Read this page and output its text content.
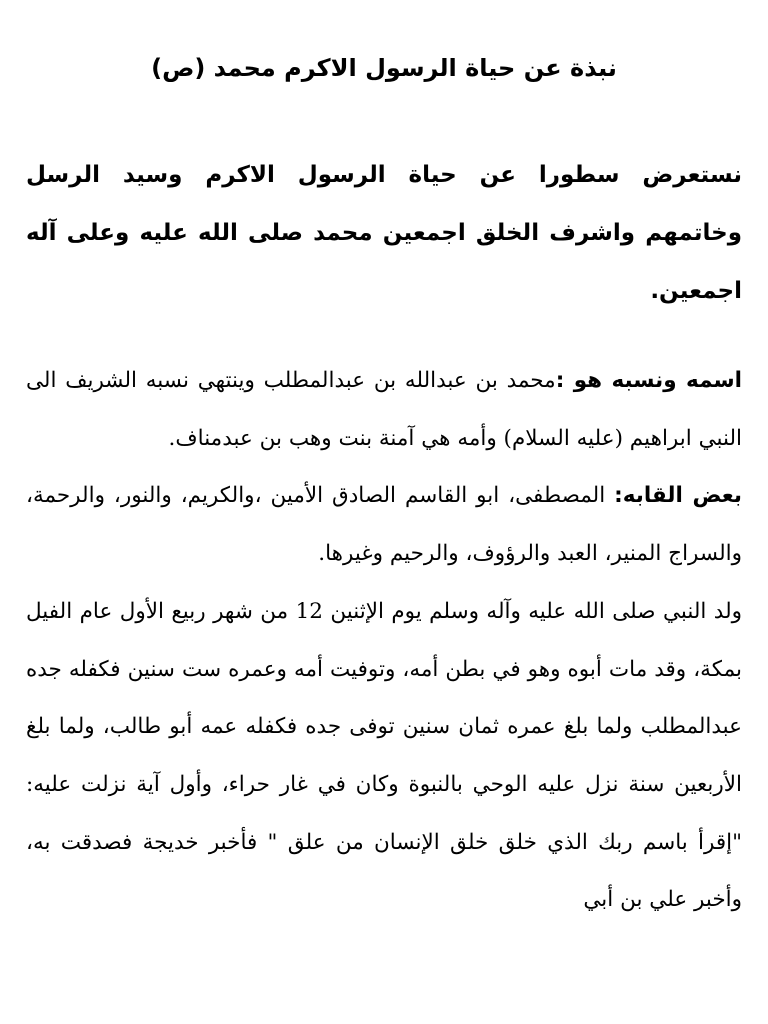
نبذة عن حياة الرسول الاكرم محمد (ص)
نستعرض سطورا عن حياة الرسول الاكرم وسيد الرسل وخاتمهم واشرف الخلق اجمعين محمد صلى الله عليه وعلى آله اجمعين.

اسمه ونسبه هو :محمد بن عبدالله بن عبدالمطلب وينتهي نسبه الشريف الى النبي ابراهيم (عليه السلام) وأمه هي آمنة بنت وهب بن عبدمناف.

بعض القابه: المصطفى، ابو القاسم الصادق الأمين ،والكريم، والنور، والرحمة، والسراج المنير، العبد والرؤوف، والرحيم وغيرها.

ولد النبي صلى الله عليه وآله وسلم يوم الإثنين 12 من شهر ربيع الأول عام الفيل بمكة، وقد مات أبوه وهو في بطن أمه، وتوفيت أمه وعمره ست سنين فكفله جده عبدالمطلب ولما بلغ عمره ثمان سنين توفى جده فكفله عمه أبو طالب، ولما بلغ الأربعين سنة نزل عليه الوحي بالنبوة وكان في غار حراء، وأول آية نزلت عليه: "إقرأ باسم ربك الذي خلق خلق الإنسان من علق " فأخبر خديجة فصدقت به، وأخبر علي بن أبي
